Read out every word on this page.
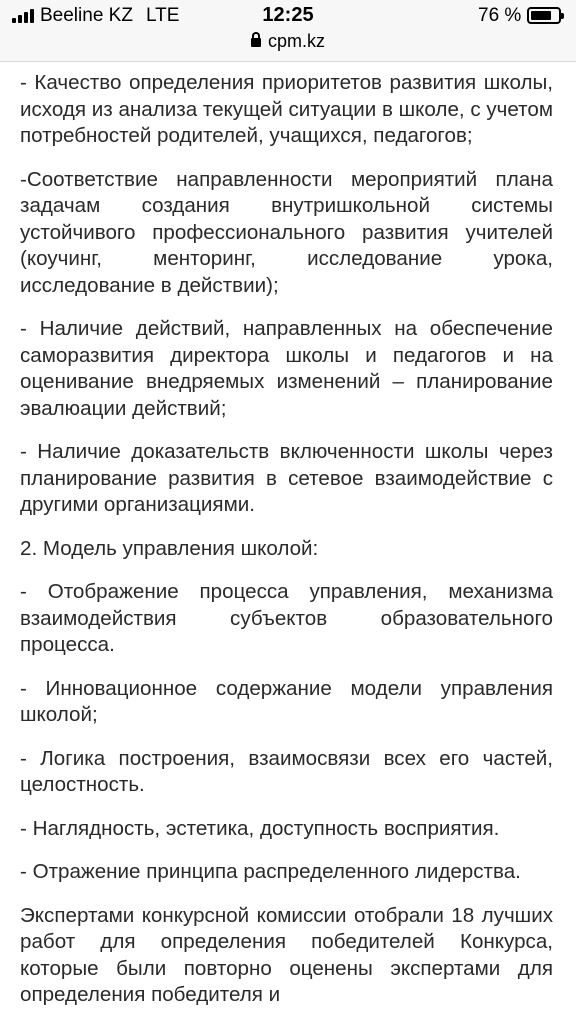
Beeline KZ LTE	12:25	76 %
cpm.kz

- Качество определения приоритетов развития школы, исходя из анализа текущей ситуации в школе, с учетом потребностей родителей, учащихся, педагогов;

-Соответствие направленности мероприятий плана задачам создания внутришкольной системы устойчивого профессионального развития учителей (коучинг, менторинг, исследование урока, исследование в действии);

- Наличие действий, направленных на обеспечение саморазвития директора школы и педагогов и на оценивание внедряемых изменений – планирование эвалюации действий;

- Наличие доказательств включенности школы через планирование развития в сетевое взаимодействие с другими организациями.

2. Модель управления школой:

- Отображение процесса управления, механизма взаимодействия субъектов образовательного процесса.

- Инновационное содержание модели управления школой;

- Логика построения, взаимосвязи всех его частей, целостность.

- Наглядность, эстетика, доступность восприятия.

- Отражение принципа распределенного лидерства.

Экспертами конкурсной комиссии отобрали 18 лучших работ для определения победителей Конкурса, которые были повторно оценены экспертами для определения победителя и
